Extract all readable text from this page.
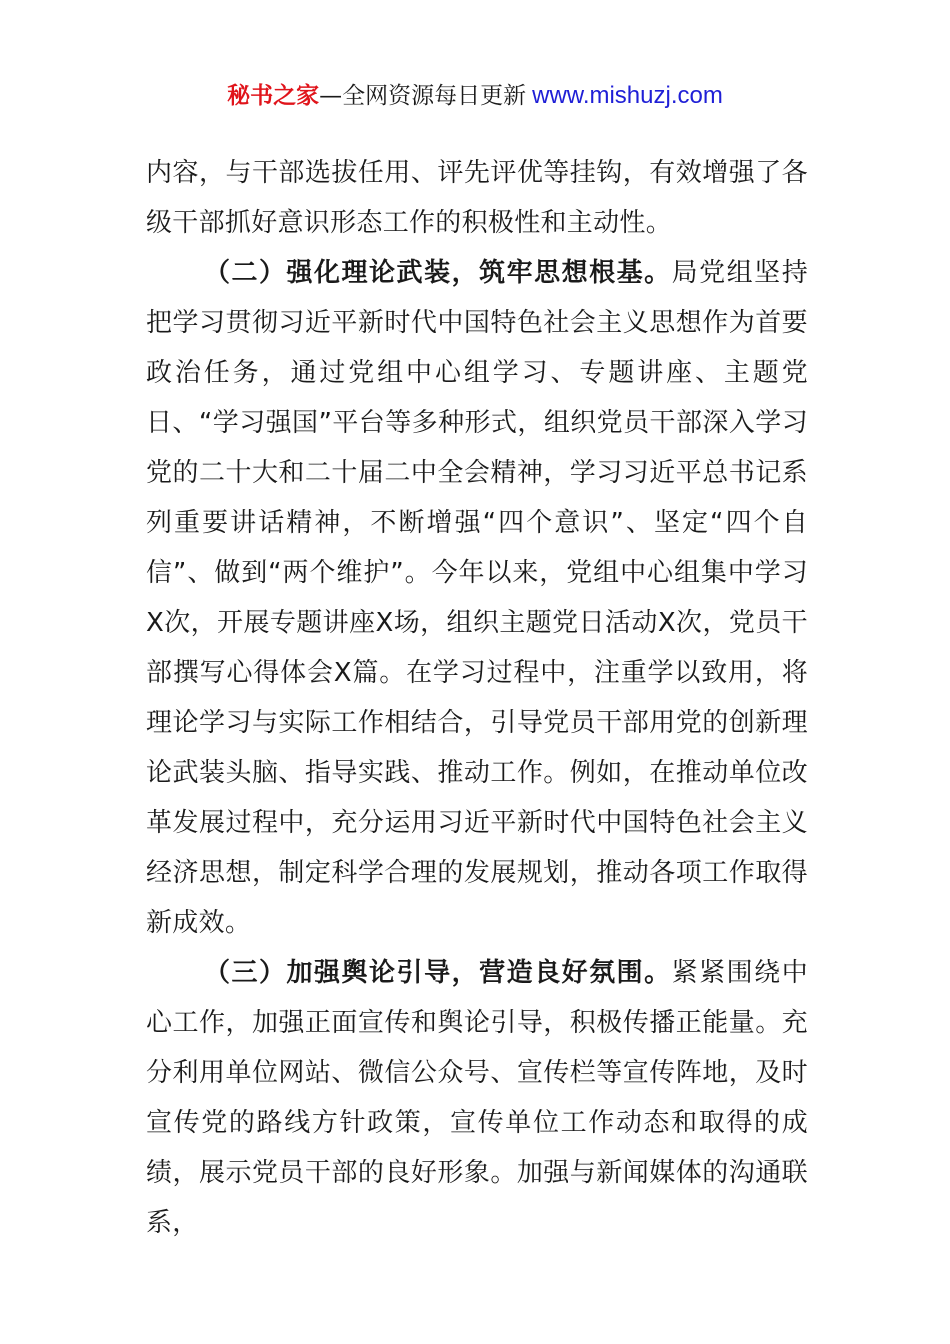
秘书之家—全网资源每日更新 www.mishuzj.com

内容，与干部选拔任用、评先评优等挂钩，有效增强了各级干部抓好意识形态工作的积极性和主动性。

（二）强化理论武装，筑牢思想根基。局党组坚持把学习贯彻习近平新时代中国特色社会主义思想作为首要政治任务，通过党组中心组学习、专题讲座、主题党日、“学习强国”平台等多种形式，组织党员干部深入学习党的二十大和二十届二中全会精神，学习习近平总书记系列重要讲话精神，不断增强“四个意识”、坚定“四个自信”、做到“两个维护”。今年以来，党组中心组集中学习X次，开展专题讲座X场，组织主题党日活动X次，党员干部撰写心得体会X篇。在学习过程中，注重学以致用，将理论学习与实际工作相结合，引导党员干部用党的创新理论武装头脑、指导实践、推动工作。例如，在推动单位改革发展过程中，充分运用习近平新时代中国特色社会主义经济思想，制定科学合理的发展规划，推动各项工作取得新成效。

（三）加强舆论引导，营造良好氛围。紧紧围绕中心工作，加强正面宣传和舆论引导，积极传播正能量。充分利用单位网站、微信公众号、宣传栏等宣传阵地，及时宣传党的路线方针政策，宣传单位工作动态和取得的成绩，展示党员干部的良好形象。加强与新闻媒体的沟通联系，
